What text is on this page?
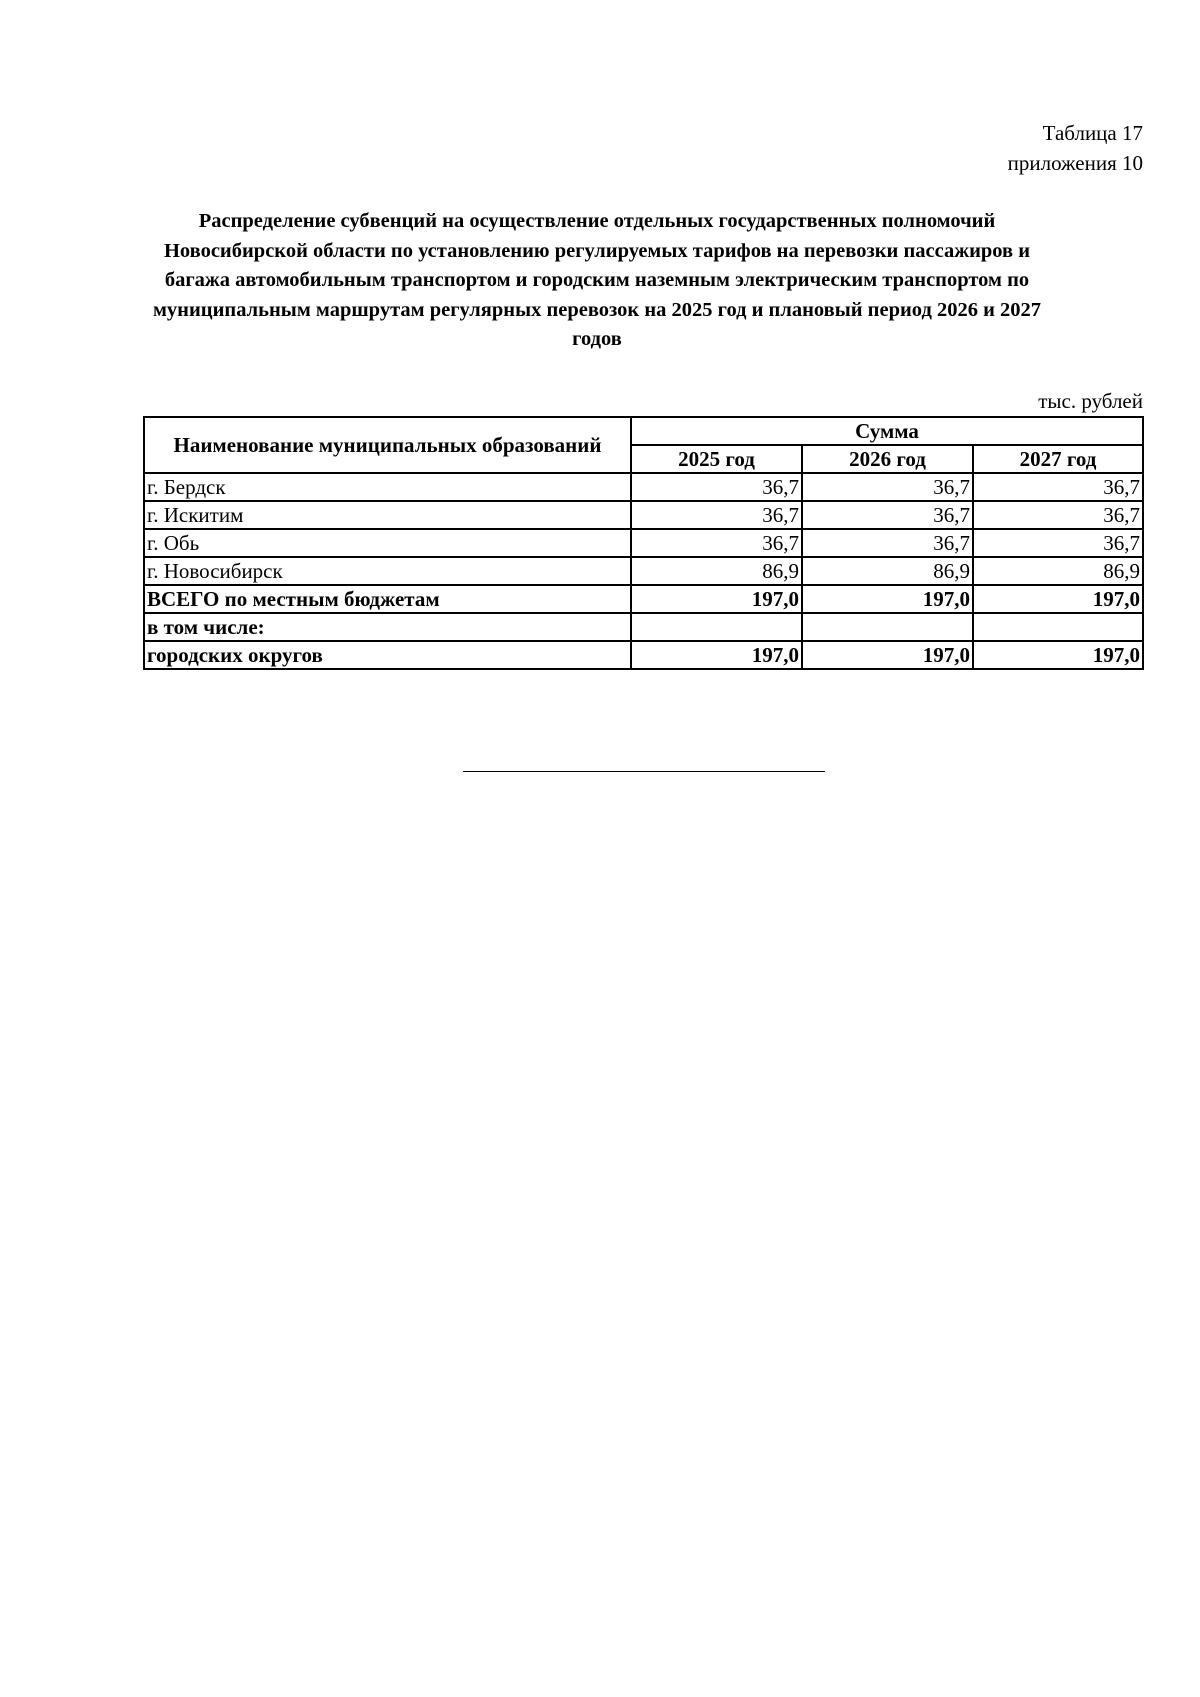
Таблица 17
приложения 10
Распределение субвенций на осуществление отдельных государственных полномочий Новосибирской области по установлению регулируемых тарифов на перевозки пассажиров и багажа автомобильным транспортом и городским наземным электрическим транспортом по муниципальным маршрутам регулярных перевозок на 2025 год и плановый период 2026 и 2027 годов
тыс. рублей
Наименование муниципальных образований	Сумма		
	2025 год	2026 год	2027 год
г. Бердск	36,7	36,7	36,7
г. Искитим	36,7	36,7	36,7
г. Обь	36,7	36,7	36,7
г. Новосибирск	86,9	86,9	86,9
ВСЕГО по местным бюджетам	197,0	197,0	197,0
в том числе:			
городских округов	197,0	197,0	197,0
